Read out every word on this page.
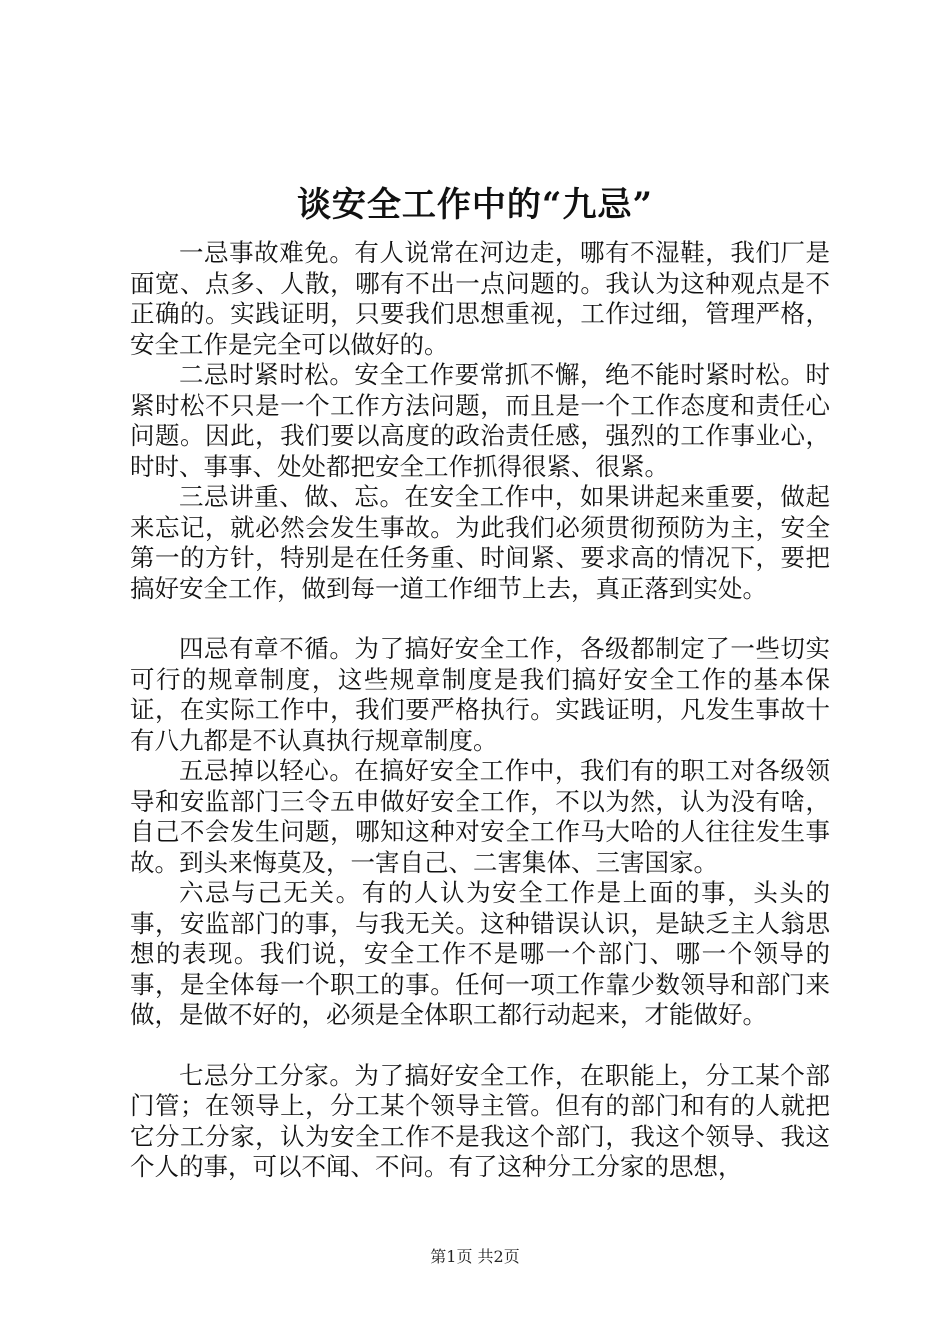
谈安全工作中的“九忌”

一忌事故难免。有人说常在河边走，哪有不湿鞋，我们厂是面宽、点多、人散，哪有不出一点问题的。我认为这种观点是不正确的。实践证明，只要我们思想重视，工作过细，管理严格，安全工作是完全可以做好的。

二忌时紧时松。安全工作要常抓不懈，绝不能时紧时松。时紧时松不只是一个工作方法问题，而且是一个工作态度和责任心问题。因此，我们要以高度的政治责任感，强烈的工作事业心，时时、事事、处处都把安全工作抓得很紧、很紧。

三忌讲重、做、忘。在安全工作中，如果讲起来重要，做起来忘记，就必然会发生事故。为此我们必须贯彻预防为主，安全第一的方针，特别是在任务重、时间紧、要求高的情况下，要把搞好安全工作，做到每一道工作细节上去，真正落到实处。

四忌有章不循。为了搞好安全工作，各级都制定了一些切实可行的规章制度，这些规章制度是我们搞好安全工作的基本保证，在实际工作中，我们要严格执行。实践证明，凡发生事故十有八九都是不认真执行规章制度。

五忌掉以轻心。在搞好安全工作中，我们有的职工对各级领导和安监部门三令五申做好安全工作，不以为然，认为没有啥，自己不会发生问题，哪知这种对安全工作马大哈的人往往发生事故。到头来悔莫及，一害自己、二害集体、三害国家。

六忌与己无关。有的人认为安全工作是上面的事，头头的事，安监部门的事，与我无关。这种错误认识，是缺乏主人翁思想的表现。我们说，安全工作不是哪一个部门、哪一个领导的事，是全体每一个职工的事。任何一项工作靠少数领导和部门来做，是做不好的，必须是全体职工都行动起来，才能做好。

七忌分工分家。为了搞好安全工作，在职能上，分工某个部门管；在领导上，分工某个领导主管。但有的部门和有的人就把它分工分家，认为安全工作不是我这个部门，我这个领导、我这个人的事，可以不闻、不问。有了这种分工分家的思想，

第1页 共2页
